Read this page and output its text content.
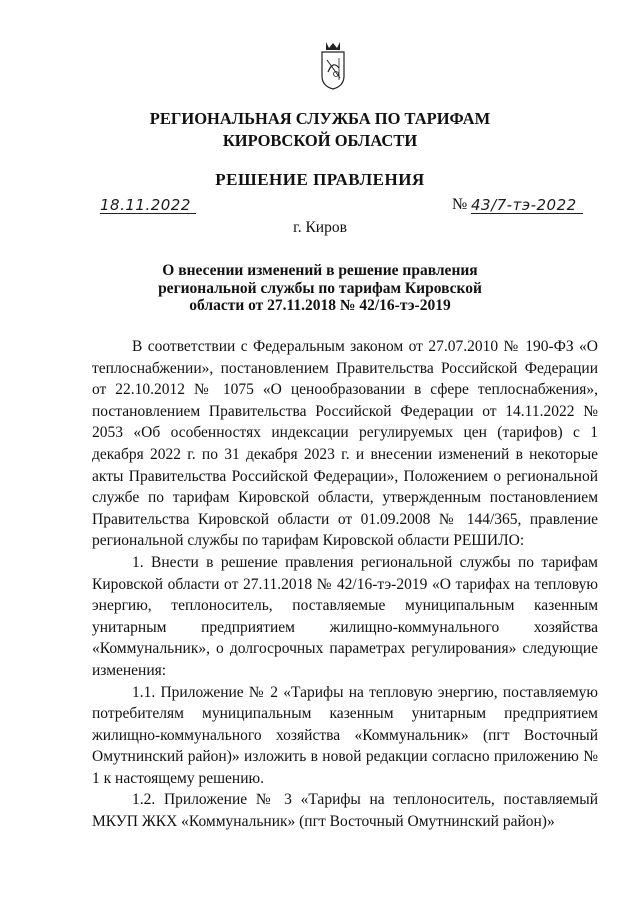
РЕГИОНАЛЬНАЯ СЛУЖБА ПО ТАРИФАМ
КИРОВСКОЙ ОБЛАСТИ
РЕШЕНИЕ ПРАВЛЕНИЯ
18.11.2022	№ 43/7-тэ-2022
г. Киров
О внесении изменений в решение правления
региональной службы по тарифам Кировской
области от 27.11.2018 № 42/16-тэ-2019

В соответствии с Федеральным законом от 27.07.2010 № 190-ФЗ «О теплоснабжении», постановлением Правительства Российской Федерации от 22.10.2012 № 1075 «О ценообразовании в сфере теплоснабжения», постановлением Правительства Российской Федерации от 14.11.2022 № 2053 «Об особенностях индексации регулируемых цен (тарифов) с 1 декабря 2022 г. по 31 декабря 2023 г. и внесении изменений в некоторые акты Правительства Российской Федерации», Положением о региональной службе по тарифам Кировской области, утвержденным постановлением Правительства Кировской области от 01.09.2008 № 144/365, правление региональной службы по тарифам Кировской области РЕШИЛО:

1. Внести в решение правления региональной службы по тарифам Кировской области от 27.11.2018 № 42/16-тэ-2019 «О тарифах на тепловую энергию, теплоноситель, поставляемые муниципальным казенным унитарным предприятием жилищно-коммунального хозяйства «Коммунальник», о долгосрочных параметрах регулирования» следующие изменения:

1.1. Приложение № 2 «Тарифы на тепловую энергию, поставляемую потребителям муниципальным казенным унитарным предприятием жилищно-коммунального хозяйства «Коммунальник» (пгт Восточный Омутнинский район)» изложить в новой редакции согласно приложению № 1 к настоящему решению.

1.2. Приложение № 3 «Тарифы на теплоноситель, поставляемый МКУП ЖКХ «Коммунальник» (пгт Восточный Омутнинский район)»
